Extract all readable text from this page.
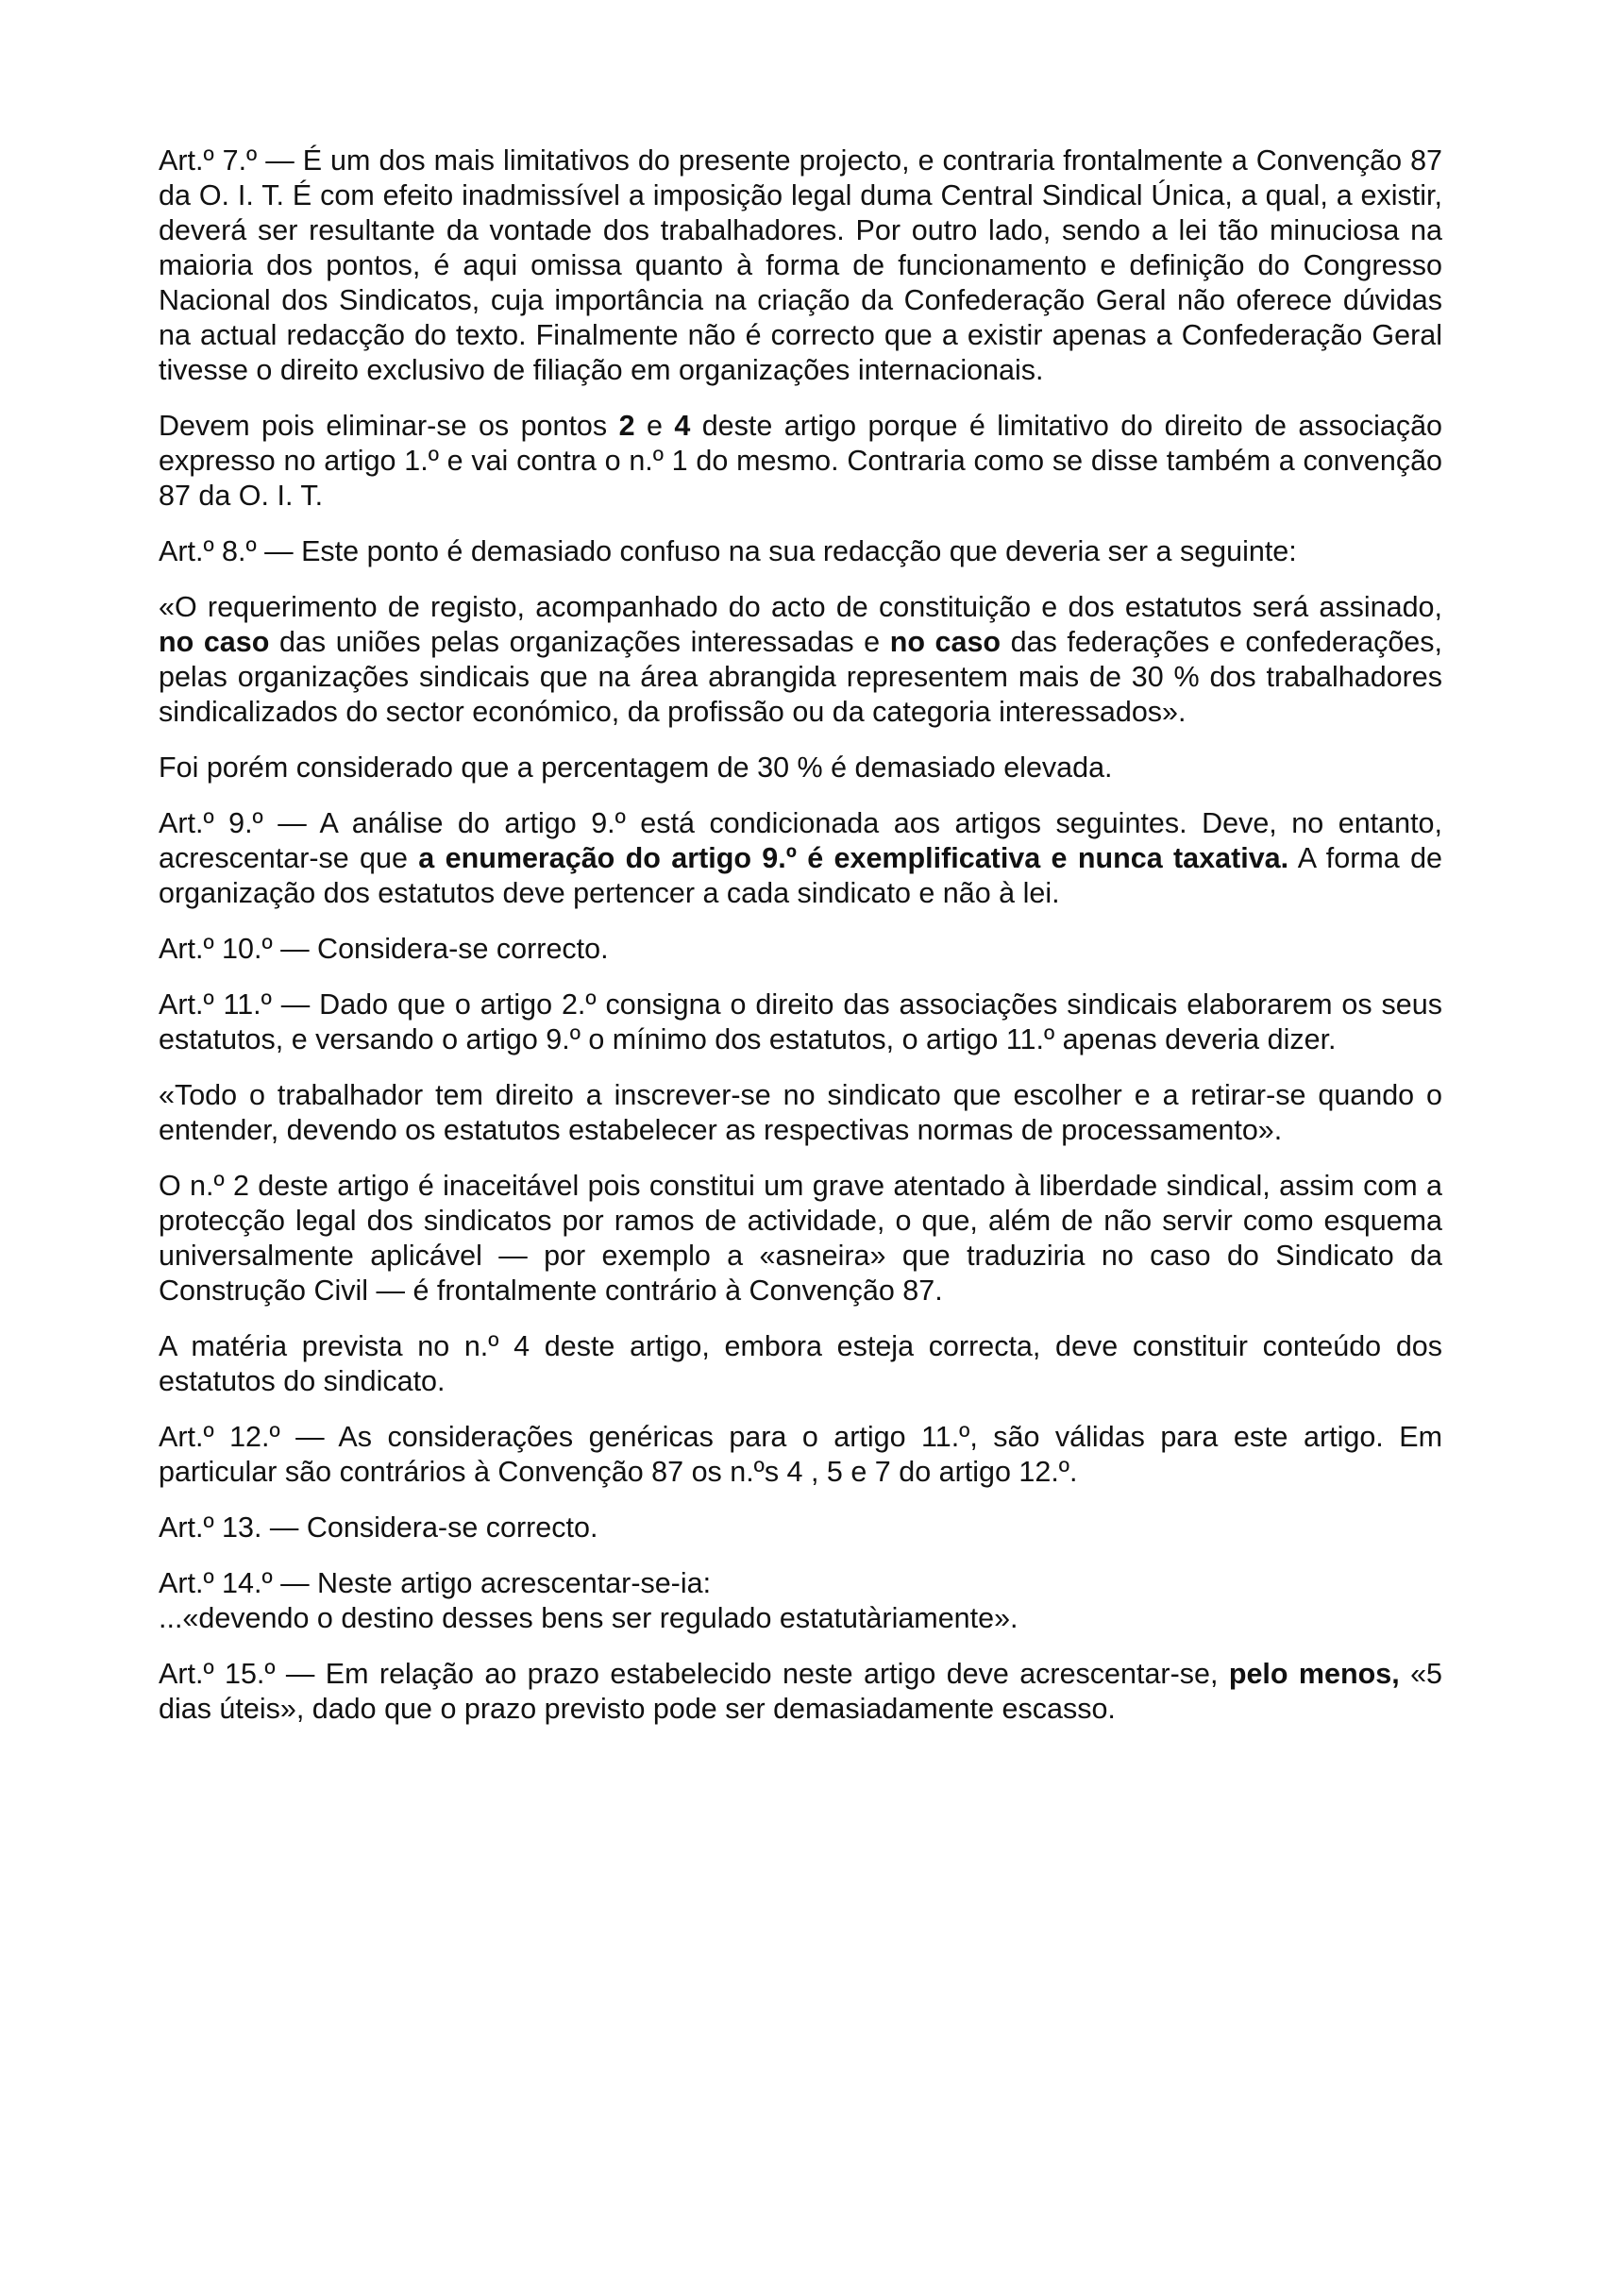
Art.º 7.º — É um dos mais limitativos do presente projecto, e contraria frontalmente a Convenção 87 da O. I. T. É com efeito inadmissível a imposição legal duma Central Sindical Única, a qual, a existir, deverá ser resultante da vontade dos trabalhadores. Por outro lado, sendo a lei tão minuciosa na maioria dos pontos, é aqui omissa quanto à forma de funcionamento e definição do Congresso Nacional dos Sindicatos, cuja importância na criação da Confederação Geral não oferece dúvidas na actual redacção do texto. Finalmente não é correcto que a existir apenas a Confederação Geral tivesse o direito exclusivo de filiação em organizações internacionais.

Devem pois eliminar-se os pontos 2 e 4 deste artigo porque é limitativo do direito de associação expresso no artigo 1.º e vai contra o n.º 1 do mesmo. Contraria como se disse também a convenção 87 da O. I. T.

Art.º 8.º — Este ponto é demasiado confuso na sua redacção que deveria ser a seguinte:

«O requerimento de registo, acompanhado do acto de constituição e dos estatutos será assinado, no caso das uniões pelas organizações interessadas e no caso das federações e confederações, pelas organizações sindicais que na área abrangida representem mais de 30 % dos trabalhadores sindicalizados do sector económico, da profissão ou da categoria interessados».

Foi porém considerado que a percentagem de 30 % é demasiado elevada.

Art.º 9.º — A análise do artigo 9.º está condicionada aos artigos seguintes. Deve, no entanto, acrescentar-se que a enumeração do artigo 9.º é exemplificativa e nunca taxativa. A forma de organização dos estatutos deve pertencer a cada sindicato e não à lei.

Art.º 10.º — Considera-se correcto.

Art.º 11.º — Dado que o artigo 2.º consigna o direito das associações sindicais elaborarem os seus estatutos, e versando o artigo 9.º o mínimo dos estatutos, o artigo 11.º apenas deveria dizer.

«Todo o trabalhador tem direito a inscrever-se no sindicato que escolher e a retirar-se quando o entender, devendo os estatutos estabelecer as respectivas normas de processamento».

O n.º 2 deste artigo é inaceitável pois constitui um grave atentado à liberdade sindical, assim com a protecção legal dos sindicatos por ramos de actividade, o que, além de não servir como esquema universalmente aplicável — por exemplo a «asneira» que traduziria no caso do Sindicato da Construção Civil — é frontalmente contrário à Convenção 87.

A matéria prevista no n.º 4 deste artigo, embora esteja correcta, deve constituir conteúdo dos estatutos do sindicato.

Art.º 12.º — As considerações genéricas para o artigo 11.º, são válidas para este artigo. Em particular são contrários à Convenção 87 os n.ºs 4 , 5 e 7 do artigo 12.º.

Art.º 13. — Considera-se correcto.

Art.º 14.º — Neste artigo acrescentar-se-ia:

...«devendo o destino desses bens ser regulado estatutàriamente».

Art.º 15.º — Em relação ao prazo estabelecido neste artigo deve acrescentar-se, pelo menos, «5 dias úteis», dado que o prazo previsto pode ser demasiadamente escasso.
